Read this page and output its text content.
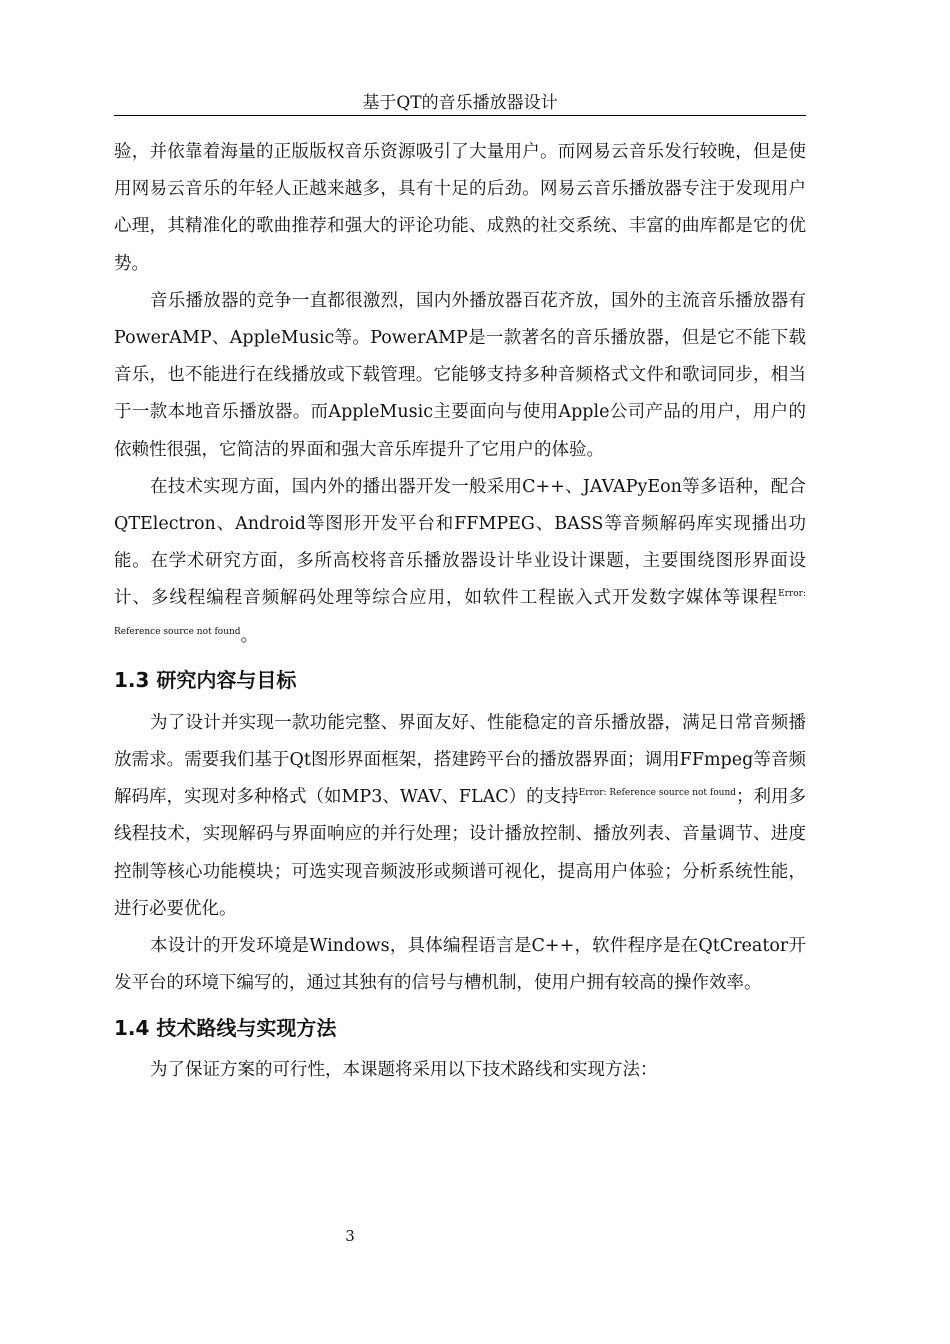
基于QT的音乐播放器设计

验，并依靠着海量的正版版权音乐资源吸引了大量用户。而网易云音乐发行较晚，但是使用网易云音乐的年轻人正越来越多，具有十足的后劲。网易云音乐播放器专注于发现用户心理，其精准化的歌曲推荐和强大的评论功能、成熟的社交系统、丰富的曲库都是它的优势。

音乐播放器的竞争一直都很激烈，国内外播放器百花齐放，国外的主流音乐播放器有PowerAMP、AppleMusic等。PowerAMP是一款著名的音乐播放器，但是它不能下载音乐，也不能进行在线播放或下载管理。它能够支持多种音频格式文件和歌词同步，相当于一款本地音乐播放器。而AppleMusic主要面向与使用Apple公司产品的用户，用户的依赖性很强，它简洁的界面和强大音乐库提升了它用户的体验。

在技术实现方面，国内外的播出器开发一般采用C++、JAVAPyEon等多语种，配合QTElectron、Android等图形开发平台和FFMPEG、BASS等音频解码库实现播出功能。在学术研究方面，多所高校将音乐播放器设计毕业设计课题，主要围绕图形界面设计、多线程编程音频解码处理等综合应用，如软件工程嵌入式开发数字媒体等课程$^{Error: Reference source not found}$。

1.3 研究内容与目标

为了设计并实现一款功能完整、界面友好、性能稳定的音乐播放器，满足日常音频播放需求。需要我们基于Qt图形界面框架，搭建跨平台的播放器界面；调用FFmpeg等音频解码库，实现对多种格式（如MP3、WAV、FLAC）的支持$^{Error: Reference source not found}$；利用多线程技术，实现解码与界面响应的并行处理；设计播放控制、播放列表、音量调节、进度控制等核心功能模块；可选实现音频波形或频谱可视化，提高用户体验；分析系统性能，进行必要优化。

本设计的开发环境是Windows，具体编程语言是C++，软件程序是在QtCreator开发平台的环境下编写的，通过其独有的信号与槽机制，使用户拥有较高的操作效率。

1.4 技术路线与实现方法

为了保证方案的可行性，本课题将采用以下技术路线和实现方法：

3
